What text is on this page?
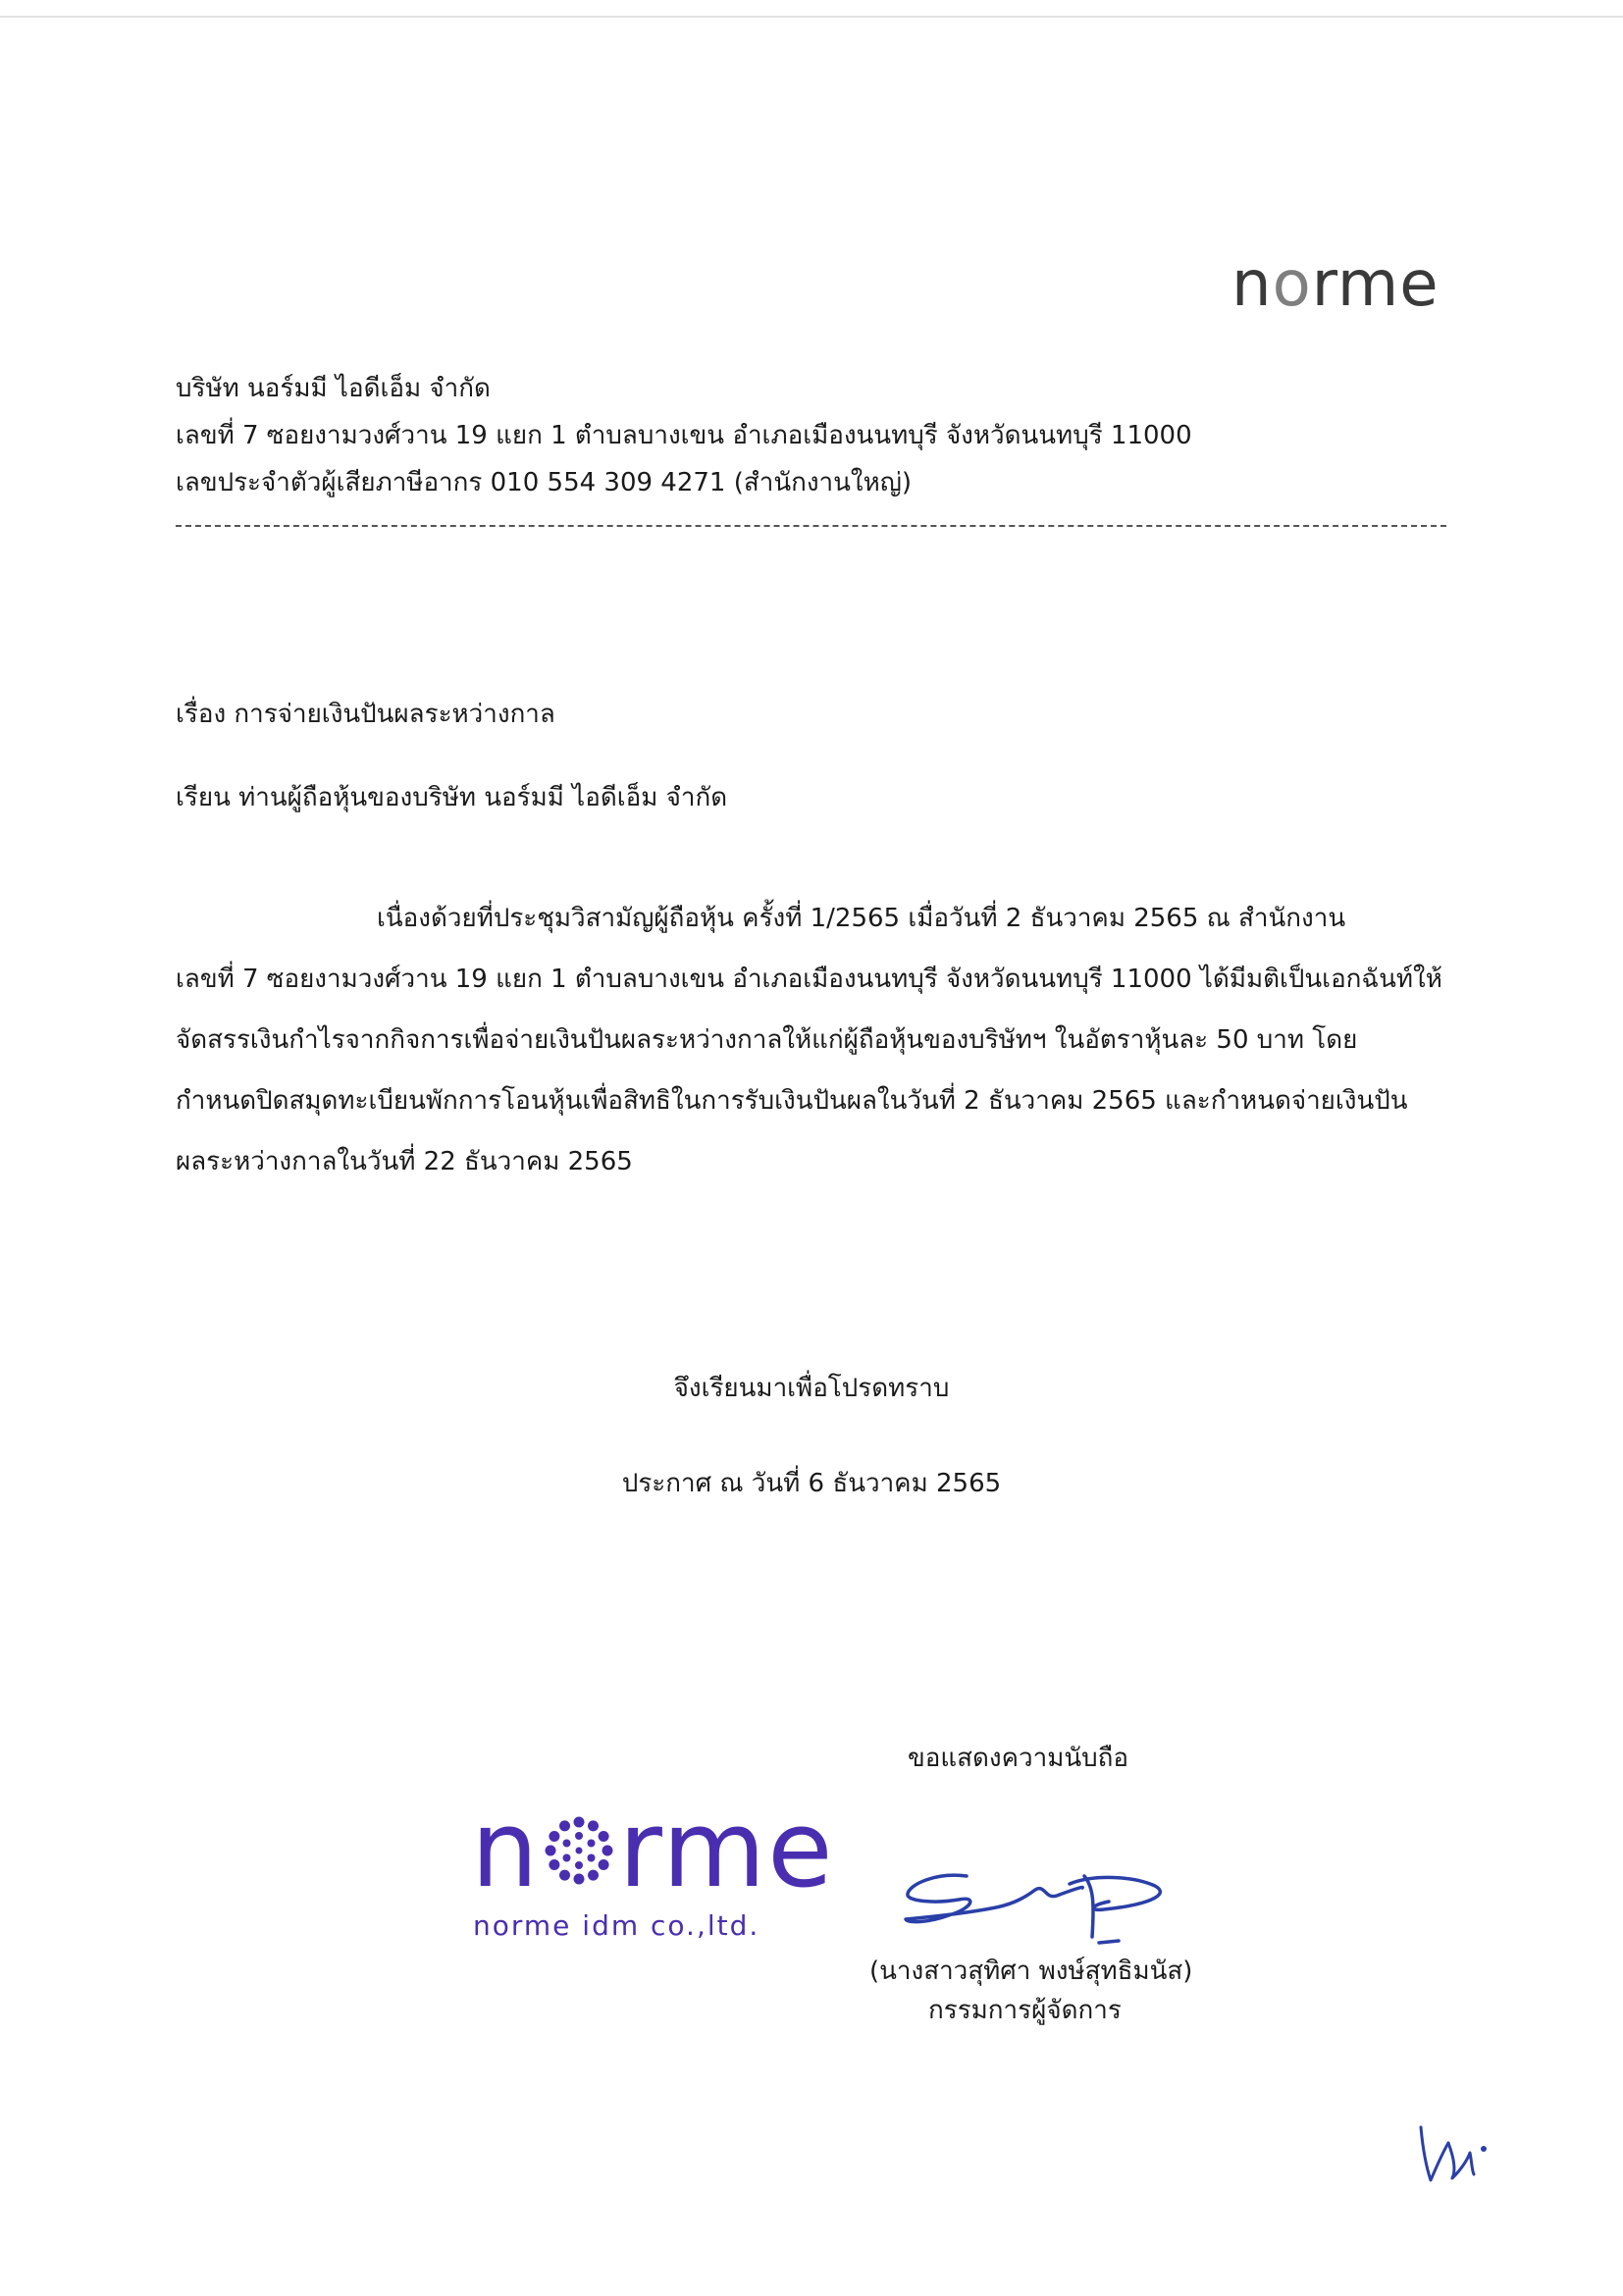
norme
บริษัท นอร์มมี ไอดีเอ็ม จำกัด
เลขที่ 7 ซอยงามวงศ์วาน 19 แยก 1 ตำบลบางเขน อำเภอเมืองนนทบุรี จังหวัดนนทบุรี 11000
เลขประจำตัวผู้เสียภาษีอากร 010 554 309 4271 (สำนักงานใหญ่)
เรื่อง การจ่ายเงินปันผลระหว่างกาล
เรียน ท่านผู้ถือหุ้นของบริษัท นอร์มมี ไอดีเอ็ม จำกัด
เนื่องด้วยที่ประชุมวิสามัญผู้ถือหุ้น ครั้งที่ 1/2565 เมื่อวันที่ 2 ธันวาคม 2565 ณ สำนักงาน
เลขที่ 7 ซอยงามวงศ์วาน 19 แยก 1 ตำบลบางเขน อำเภอเมืองนนทบุรี จังหวัดนนทบุรี 11000 ได้มีมติเป็นเอกฉันท์ให้
จัดสรรเงินกำไรจากกิจการเพื่อจ่ายเงินปันผลระหว่างกาลให้แก่ผู้ถือหุ้นของบริษัทฯ ในอัตราหุ้นละ 50 บาท โดย
กำหนดปิดสมุดทะเบียนพักการโอนหุ้นเพื่อสิทธิในการรับเงินปันผลในวันที่ 2 ธันวาคม 2565 และกำหนดจ่ายเงินปัน
ผลระหว่างกาลในวันที่ 22 ธันวาคม 2565
จึงเรียนมาเพื่อโปรดทราบ
ประกาศ ณ วันที่ 6 ธันวาคม 2565
ขอแสดงความนับถือ
n rme
norme idm co.,ltd.
(นางสาวสุทิศา พงษ์สุทธิมนัส)
กรรมการผู้จัดการ
